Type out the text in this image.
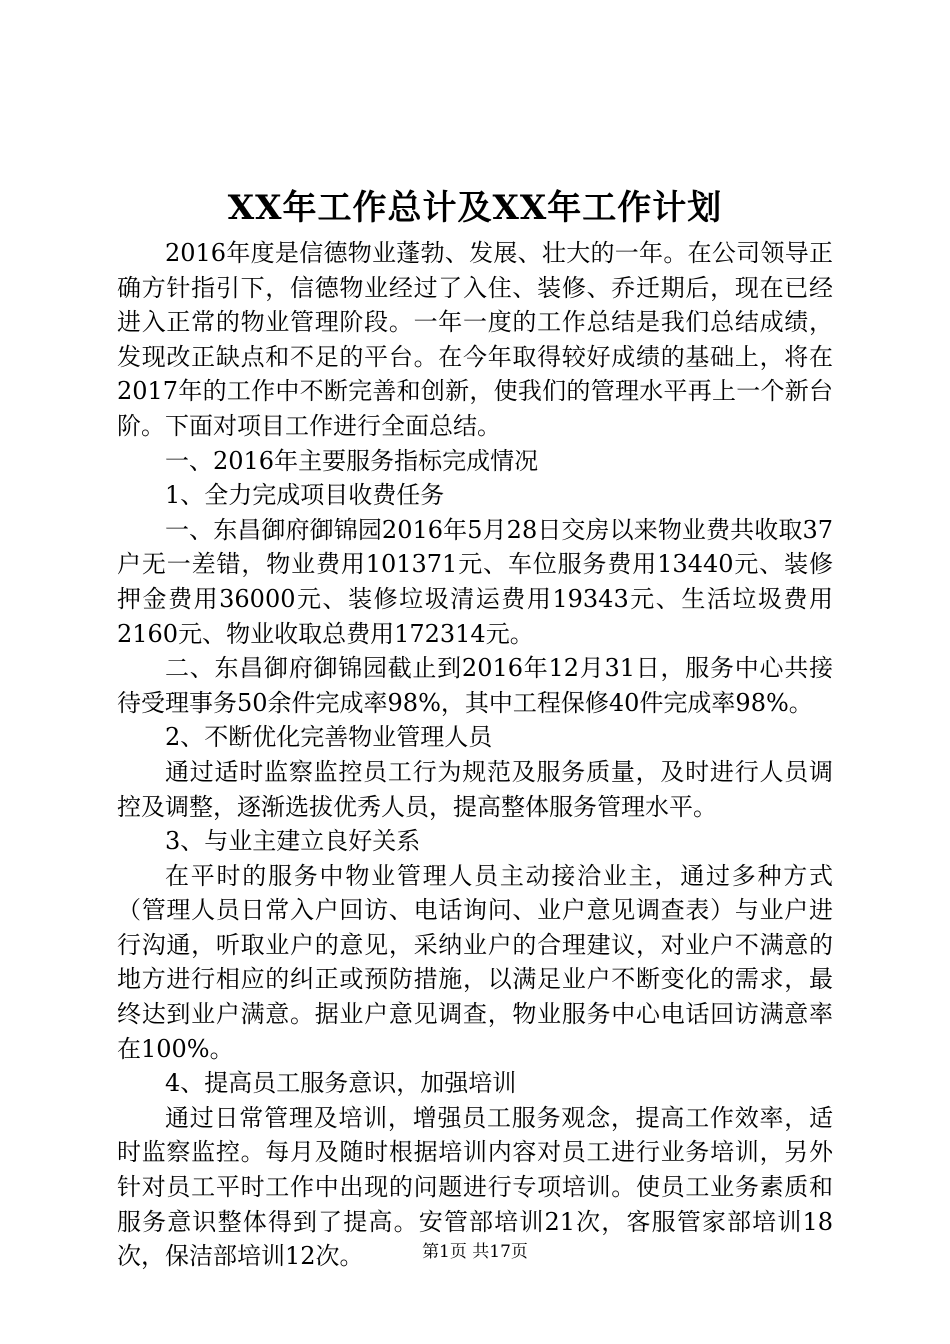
XX年工作总计及XX年工作计划

2016年度是信德物业蓬勃、发展、壮大的一年。在公司领导正确方针指引下，信德物业经过了入住、装修、乔迁期后，现在已经进入正常的物业管理阶段。一年一度的工作总结是我们总结成绩，发现改正缺点和不足的平台。在今年取得较好成绩的基础上，将在2017年的工作中不断完善和创新，使我们的管理水平再上一个新台阶。下面对项目工作进行全面总结。

一、2016年主要服务指标完成情况

1、全力完成项目收费任务

一、东昌御府御锦园2016年5月28日交房以来物业费共收取37户无一差错，物业费用101371元、车位服务费用13440元、装修押金费用36000元、装修垃圾清运费用19343元、生活垃圾费用2160元、物业收取总费用172314元。

二、东昌御府御锦园截止到2016年12月31日，服务中心共接待受理事务50余件完成率98%，其中工程保修40件完成率98%。

2、不断优化完善物业管理人员

通过适时监察监控员工行为规范及服务质量，及时进行人员调控及调整，逐渐选拔优秀人员，提高整体服务管理水平。

3、与业主建立良好关系

在平时的服务中物业管理人员主动接洽业主，通过多种方式（管理人员日常入户回访、电话询问、业户意见调查表）与业户进行沟通，听取业户的意见，采纳业户的合理建议，对业户不满意的地方进行相应的纠正或预防措施，以满足业户不断变化的需求，最终达到业户满意。据业户意见调查，物业服务中心电话回访满意率在100%。

4、提高员工服务意识，加强培训

通过日常管理及培训，增强员工服务观念，提高工作效率，适时监察监控。每月及随时根据培训内容对员工进行业务培训，另外针对员工平时工作中出现的问题进行专项培训。使员工业务素质和服务意识整体得到了提高。安管部培训21次，客服管家部培训18次，保洁部培训12次。	第1页 共17页
